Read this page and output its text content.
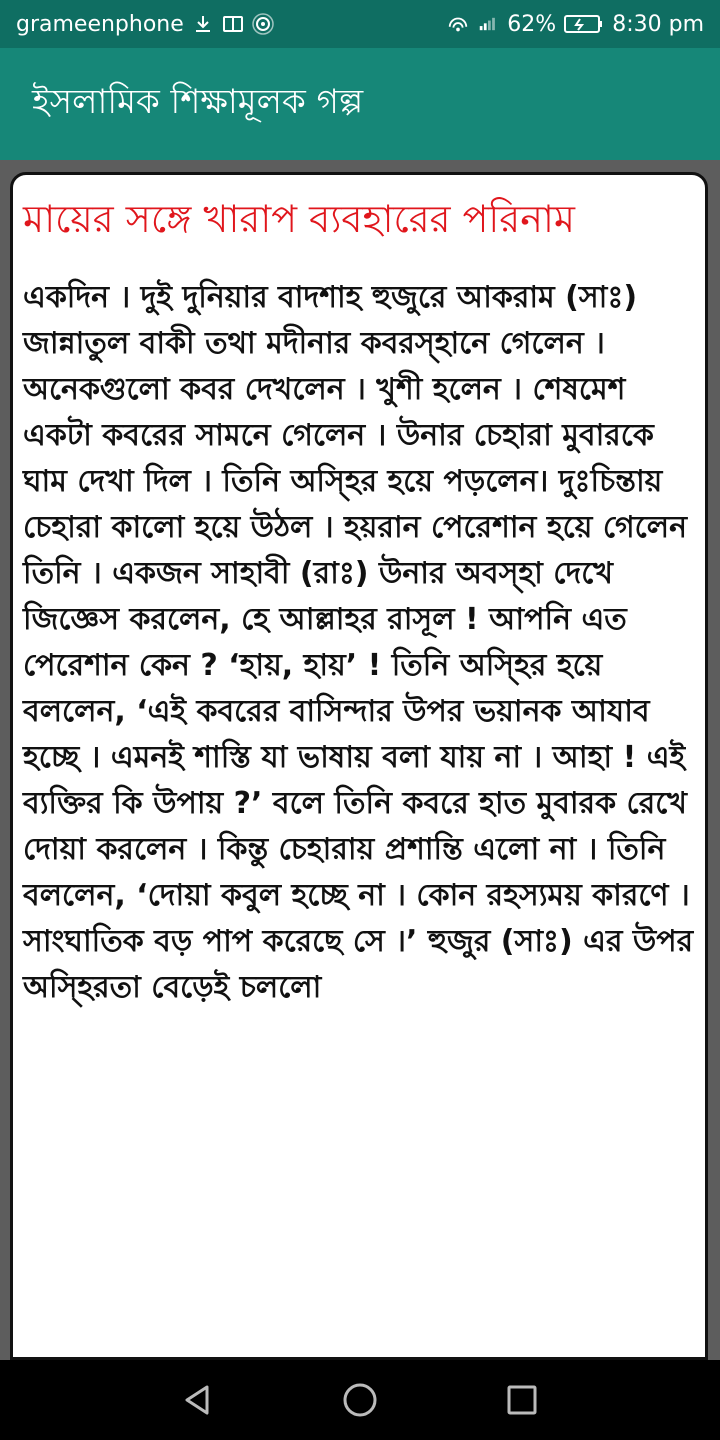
grameenphone	62%	8:30 pm
ইসলামিক শিক্ষামূলক গল্প
মায়ের সঙ্গে খারাপ ব্যবহারের পরিনাম

একদিন । দুই দুনিয়ার বাদশাহ হুজুরে আকরাম (সাঃ) জান্নাতুল বাকী তথা মদীনার কবরস্হানে গেলেন । অনেকগুলো কবর দেখলেন । খুশী হলেন । শেষমেশ একটা কবরের সামনে গেলেন । উনার চেহারা মুবারকে ঘাম দেখা দিল । তিনি অস্হির হয়ে পড়লেন। দুঃচিন্তায় চেহারা কালো হয়ে উঠল । হয়রান পেরেশান হয়ে গেলেন তিনি । একজন সাহাবী (রাঃ) উনার অবস্হা দেখে জিজ্ঞেস করলেন, হে আল্লাহর রাসূল ! আপনি এত পেরেশান কেন ? ‘হায়, হায়’ ! তিনি অস্হির হয়ে বললেন, ‘এই কবরের বাসিন্দার উপর ভয়ানক আযাব হচ্ছে । এমনই শাস্তি যা ভাষায় বলা যায় না । আহা ! এই ব্যক্তির কি উপায় ?’ বলে তিনি কবরে হাত মুবারক রেখে দোয়া করলেন । কিন্তু চেহারায় প্রশান্তি এলো না । তিনি বললেন, ‘দোয়া কবুল হচ্ছে না । কোন রহস্যময় কারণে । সাংঘাতিক বড় পাপ করেছে সে ।’ হুজুর (সাঃ) এর উপর অস্হিরতা বেড়েই চললো
